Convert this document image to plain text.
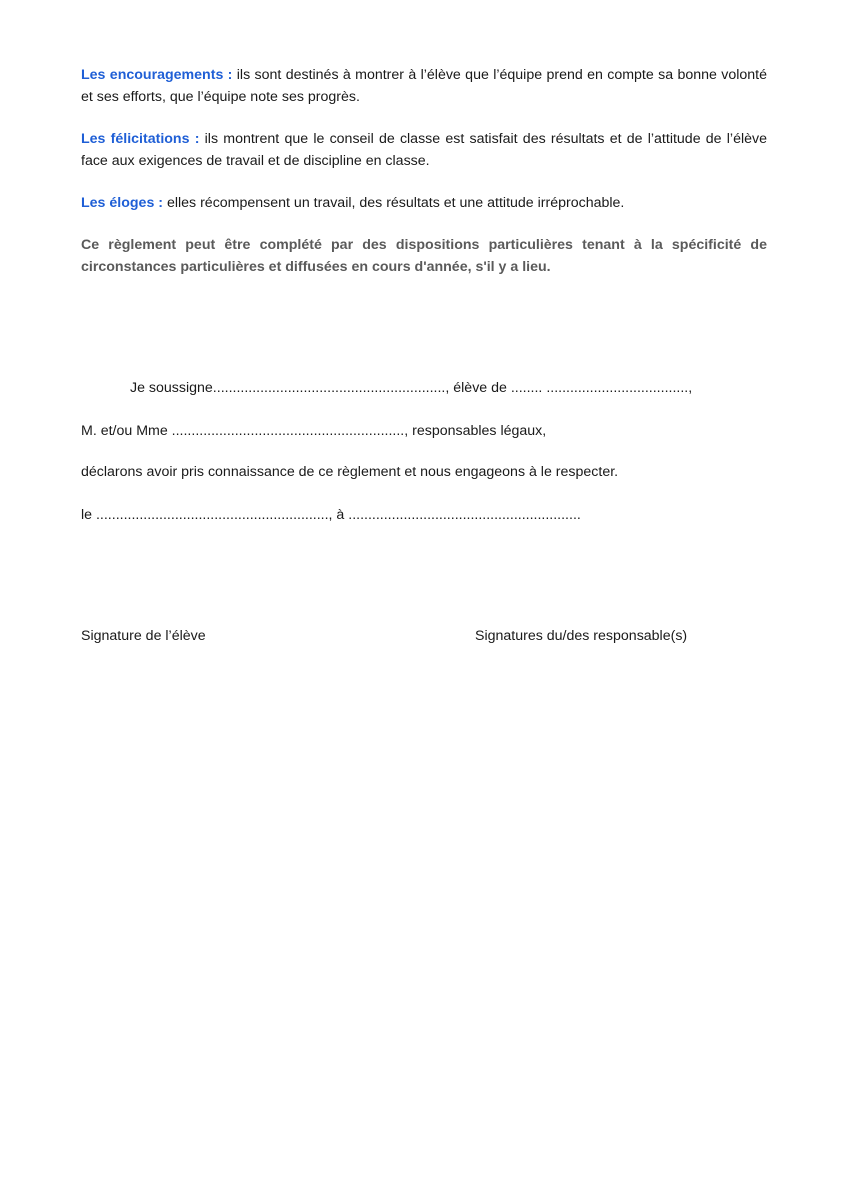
Les encouragements : ils sont destinés à montrer à l’élève que l’équipe prend en compte sa bonne volonté et ses efforts, que l’équipe note ses progrès.

Les félicitations : ils montrent que le conseil de classe est satisfait des résultats et de l’attitude de l’élève face aux exigences de travail et de discipline en classe.

Les éloges : elles récompensent un travail, des résultats et une attitude irréprochable.

Ce règlement peut être complété par des dispositions particulières tenant à la spécificité de circonstances particulières et diffusées en cours d'année, s'il y a lieu.

Je soussigne..........................................................., élève de ........ ....................................,

M. et/ou Mme ..........................................................., responsables légaux,

déclarons avoir pris connaissance de ce règlement et nous engageons à le respecter.

le ..........................................................., à ...........................................................

Signature de l’élève	Signatures du/des responsable(s)
